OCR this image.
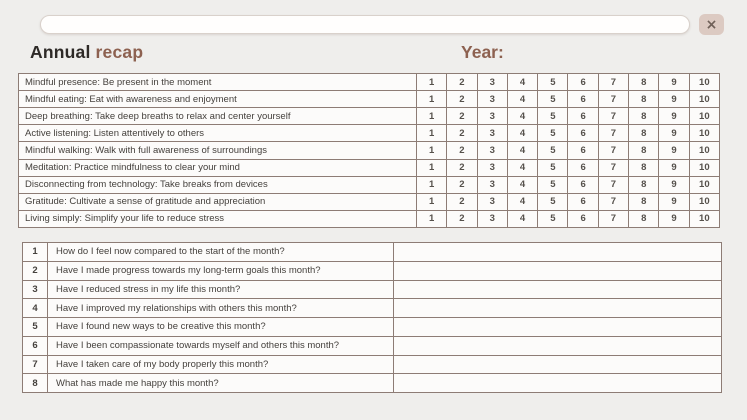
×
Annual recap	Year:
Mindful presence: Be present in the moment	1	2	3	4	5	6	7	8	9	10
Mindful eating: Eat with awareness and enjoyment	1	2	3	4	5	6	7	8	9	10
Deep breathing: Take deep breaths to relax and center yourself	1	2	3	4	5	6	7	8	9	10
Active listening: Listen attentively to others	1	2	3	4	5	6	7	8	9	10
Mindful walking: Walk with full awareness of surroundings	1	2	3	4	5	6	7	8	9	10
Meditation: Practice mindfulness to clear your mind	1	2	3	4	5	6	7	8	9	10
Disconnecting from technology: Take breaks from devices	1	2	3	4	5	6	7	8	9	10
Gratitude: Cultivate a sense of gratitude and appreciation	1	2	3	4	5	6	7	8	9	10
Living simply: Simplify your life to reduce stress	1	2	3	4	5	6	7	8	9	10
1	How do I feel now compared to the start of the month?	
2	Have I made progress towards my long-term goals this month?	
3	Have I reduced stress in my life this month?	
4	Have I improved my relationships with others this month?	
5	Have I found new ways to be creative this month?	
6	Have I been compassionate towards myself and others this month?	
7	Have I taken care of my body properly this month?	
8	What has made me happy this month?	
